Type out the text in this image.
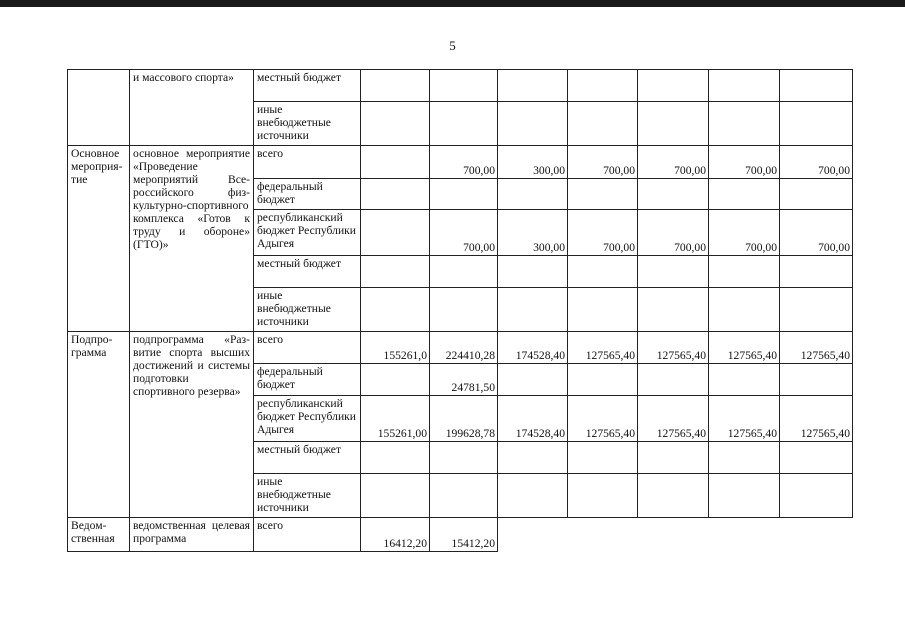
5
	и массового спорта»	местный бюджет							
		иные внебюджетные источники							
Основное мероприятие	основное мероприятие «Проведение мероприятий Всероссийского физкультурно-спортивного комплекса «Готов к труду и обороне» (ГТО)»	всего		700,00	300,00	700,00	700,00	700,00	700,00
		федеральный бюджет							
		республиканский бюджет Республики Адыгея		700,00	300,00	700,00	700,00	700,00	700,00
		местный бюджет							
		иные внебюджетные источники							
Подпрограмма	подпрограмма «Развитие спорта высших достижений и системы подготовки спортивного резерва»	всего	155261,0	224410,28	174528,40	127565,40	127565,40	127565,40	127565,40
		федеральный бюджет		24781,50					
		республиканский бюджет Республики Адыгея	155261,00	199628,78	174528,40	127565,40	127565,40	127565,40	127565,40
		местный бюджет							
		иные внебюджетные источники							
Ведомственная	ведомственная целевая программа	всего	16412,20	15412,20					
